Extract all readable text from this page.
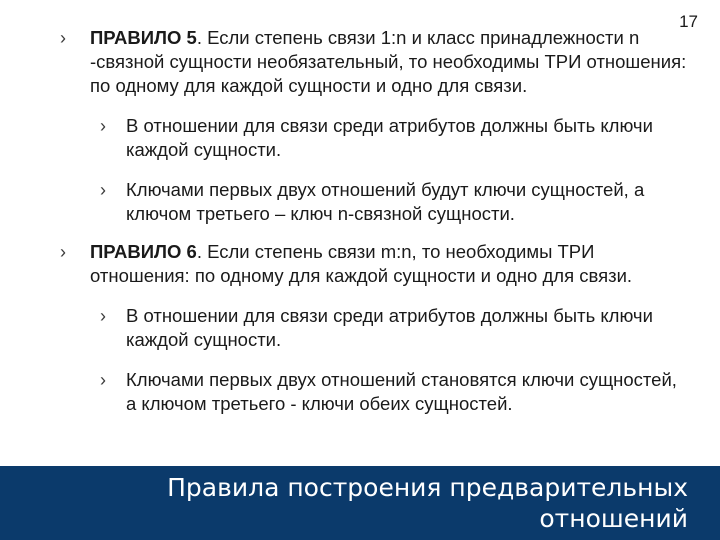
17
› ПРАВИЛО 5. Если степень связи 1:n и класс принадлежности n -связной сущности необязательный, то необходимы ТРИ отношения: по одному для каждой сущности и одно для связи.
› В отношении для связи среди атрибутов должны быть ключи каждой сущности.
› Ключами первых двух отношений будут ключи сущностей, а ключом третьего – ключ n-связной сущности.
› ПРАВИЛО 6. Если степень связи m:n, то необходимы ТРИ отношения: по одному для каждой сущности и одно для связи.
› В отношении для связи среди атрибутов должны быть ключи каждой сущности.
› Ключами первых двух отношений становятся ключи сущностей, а ключом третьего - ключи обеих сущностей.
Правила построения предварительных
отношений
